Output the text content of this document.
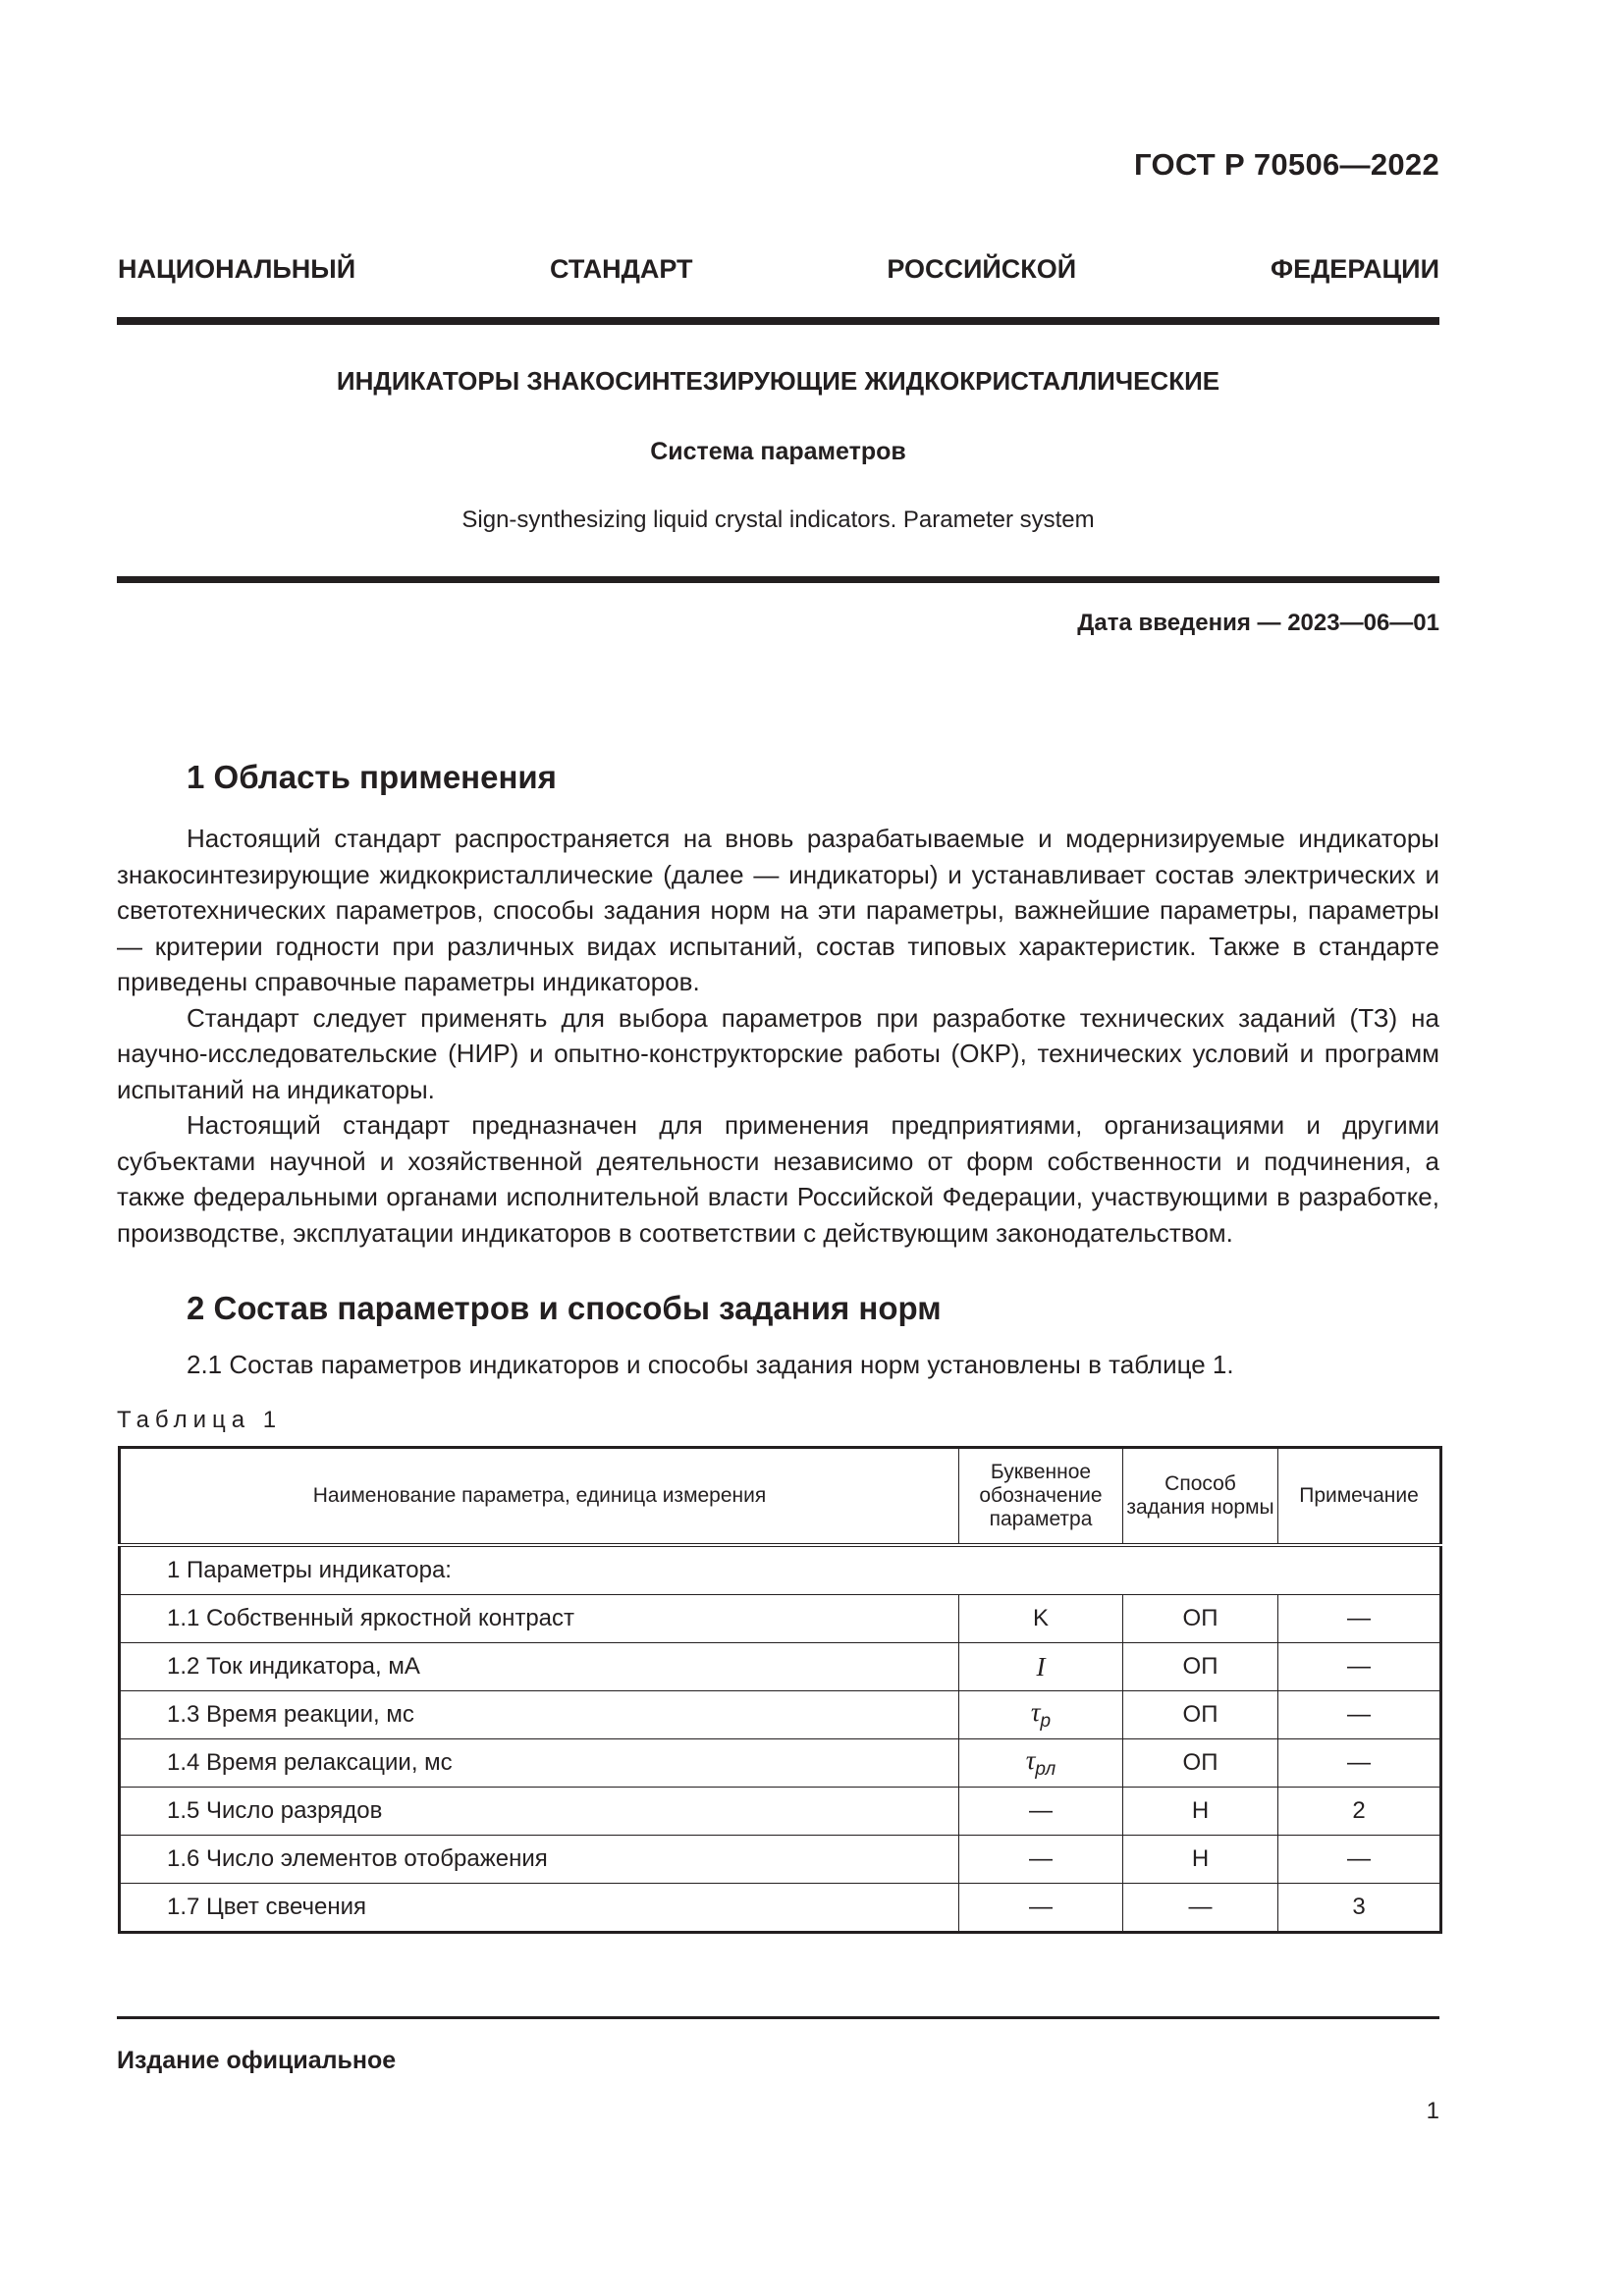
ГОСТ Р 70506—2022
НАЦИОНАЛЬНЫЙ СТАНДАРТ РОССИЙСКОЙ ФЕДЕРАЦИИ
ИНДИКАТОРЫ ЗНАКОСИНТЕЗИРУЮЩИЕ ЖИДКОКРИСТАЛЛИЧЕСКИЕ
Система параметров
Sign-synthesizing liquid crystal indicators. Parameter system
Дата введения — 2023—06—01
1 Область применения

Настоящий стандарт распространяется на вновь разрабатываемые и модернизируемые индикаторы знакосинтезирующие жидкокристаллические (далее — индикаторы) и устанавливает состав электрических и светотехнических параметров, способы задания норм на эти параметры, важнейшие параметры, параметры — критерии годности при различных видах испытаний, состав типовых характеристик. Также в стандарте приведены справочные параметры индикаторов.

Стандарт следует применять для выбора параметров при разработке технических заданий (ТЗ) на научно-исследовательские (НИР) и опытно-конструкторские работы (ОКР), технических условий и программ испытаний на индикаторы.

Настоящий стандарт предназначен для применения предприятиями, организациями и другими субъектами научной и хозяйственной деятельности независимо от форм собственности и подчинения, а также федеральными органами исполнительной власти Российской Федерации, участвующими в разработке, производстве, эксплуатации индикаторов в соответствии с действующим законодательством.

2 Состав параметров и способы задания норм
2.1 Состав параметров индикаторов и способы задания норм установлены в таблице 1.
Таблица 1
Наименование параметра, единица измерения	Буквенное обозначение параметра	Способ задания нормы	Примечание
1 Параметры индикатора:			
1.1 Собственный яркостной контраст	K	ОП	—
1.2 Ток индикатора, мА	I	ОП	—
1.3 Время реакции, мс	$\tau_р$	ОП	—
1.4 Время релаксации, мс	$\tau_{рл}$	ОП	—
1.5 Число разрядов	—	Н	2
1.6 Число элементов отображения	—	Н	—
1.7 Цвет свечения	—	—	3
Издание официальное
1
